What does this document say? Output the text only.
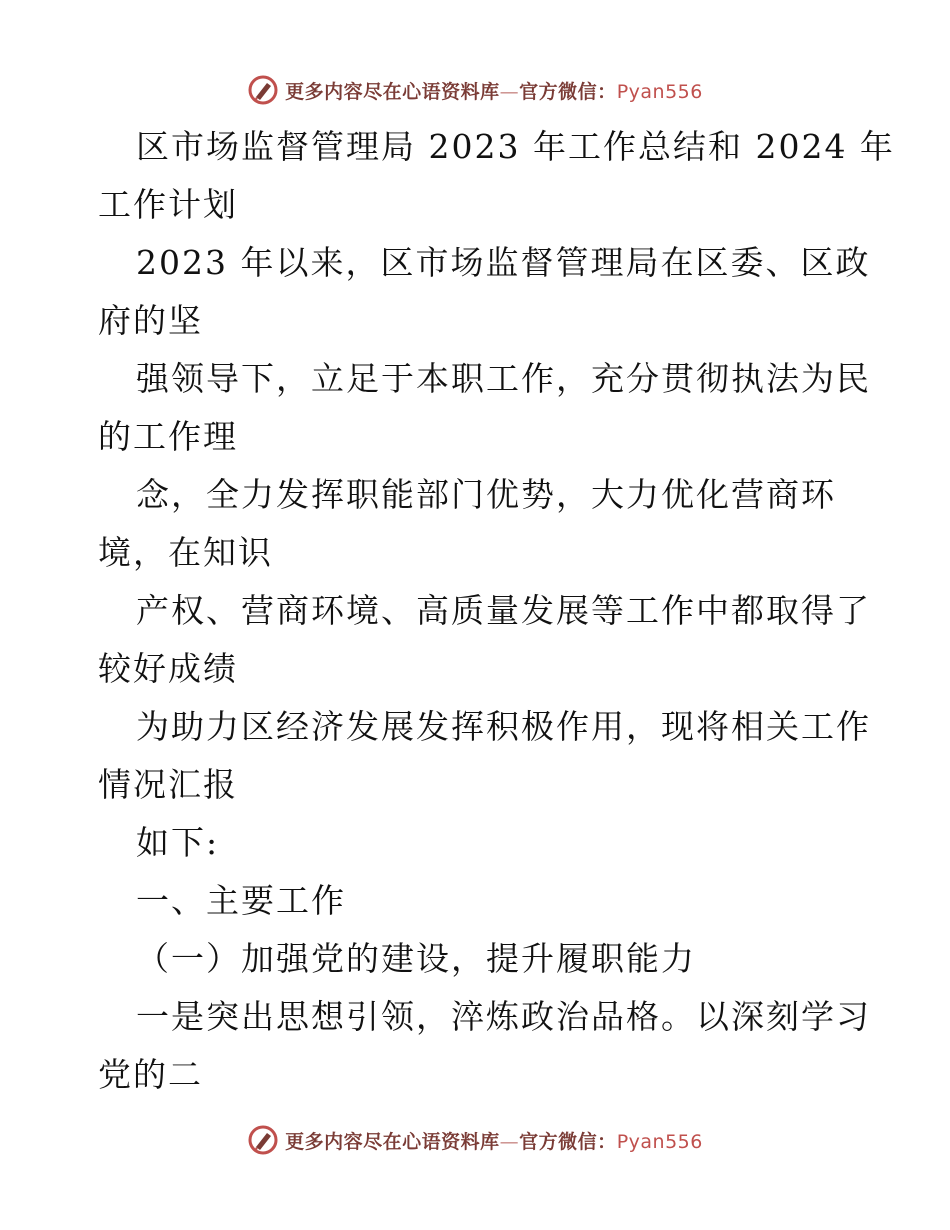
更多内容尽在心语资料库—官方微信：Pyan556
区市场监督管理局 2023 年工作总结和 2024 年
工作计划
2023 年以来，区市场监督管理局在区委、区政
府的坚
强领导下，立足于本职工作，充分贯彻执法为民
的工作理
念，全力发挥职能部门优势，大力优化营商环
境，在知识
产权、营商环境、高质量发展等工作中都取得了
较好成绩
为助力区经济发展发挥积极作用，现将相关工作
情况汇报
如下:
一、主要工作
（一）加强党的建设，提升履职能力
一是突出思想引领，淬炼政治品格。以深刻学习
党的二
更多内容尽在心语资料库—官方微信：Pyan556
